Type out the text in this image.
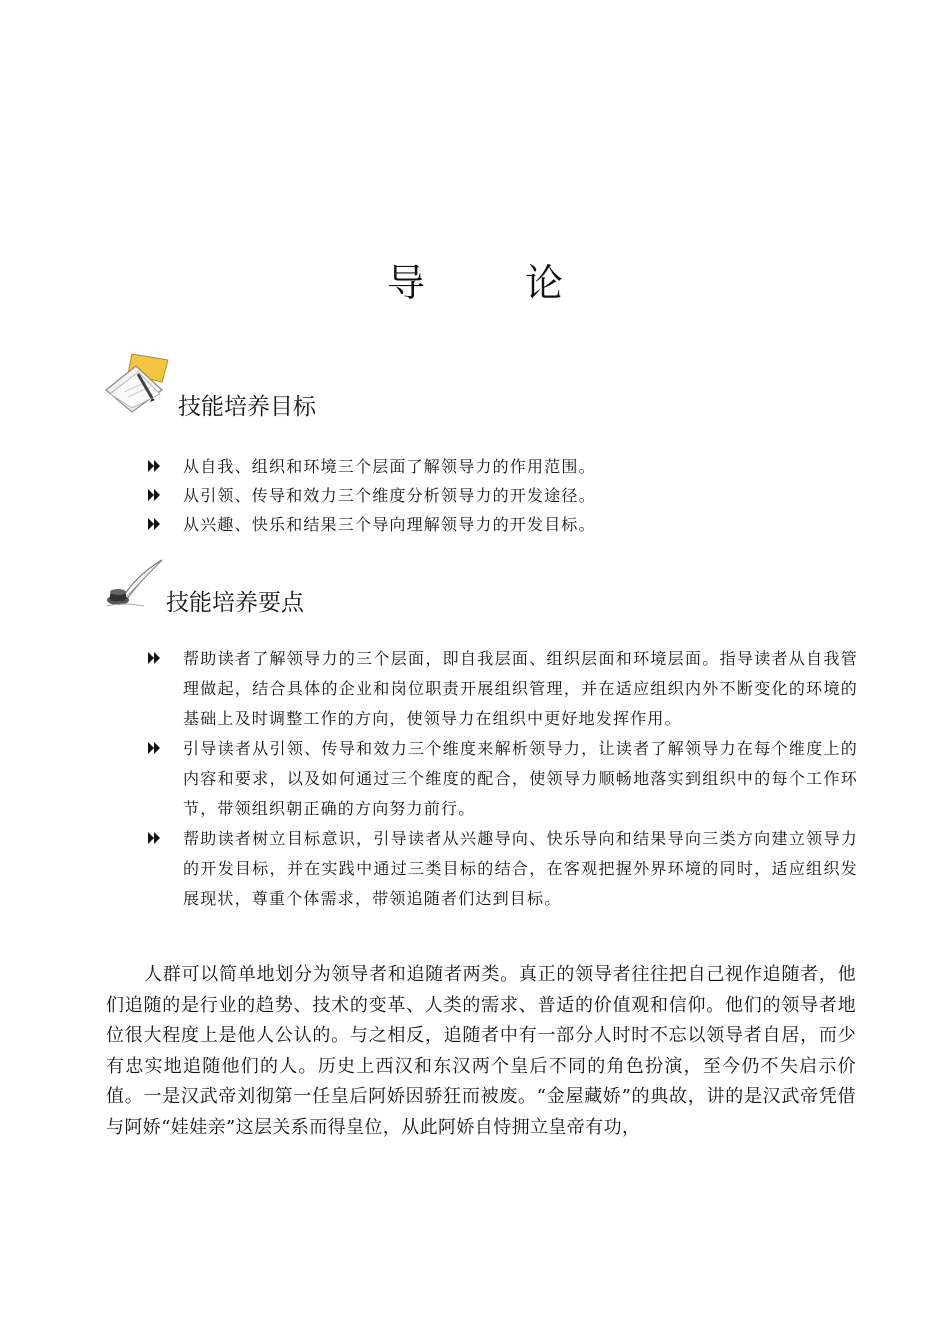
导 论
技能培养目标
从自我、组织和环境三个层面了解领导力的作用范围。
从引领、传导和效力三个维度分析领导力的开发途径。
从兴趣、快乐和结果三个导向理解领导力的开发目标。
技能培养要点
帮助读者了解领导力的三个层面，即自我层面、组织层面和环境层面。指导读者从自我管理做起，结合具体的企业和岗位职责开展组织管理，并在适应组织内外不断变化的环境的基础上及时调整工作的方向，使领导力在组织中更好地发挥作用。
引导读者从引领、传导和效力三个维度来解析领导力，让读者了解领导力在每个维度上的内容和要求，以及如何通过三个维度的配合，使领导力顺畅地落实到组织中的每个工作环节，带领组织朝正确的方向努力前行。
帮助读者树立目标意识，引导读者从兴趣导向、快乐导向和结果导向三类方向建立领导力的开发目标，并在实践中通过三类目标的结合，在客观把握外界环境的同时，适应组织发展现状，尊重个体需求，带领追随者们达到目标。

人群可以简单地划分为领导者和追随者两类。真正的领导者往往把自己视作追随者，他们追随的是行业的趋势、技术的变革、人类的需求、普适的价值观和信仰。他们的领导者地位很大程度上是他人公认的。与之相反，追随者中有一部分人时时不忘以领导者自居，而少有忠实地追随他们的人。历史上西汉和东汉两个皇后不同的角色扮演，至今仍不失启示价值。一是汉武帝刘彻第一任皇后阿娇因骄狂而被废。“金屋藏娇”的典故，讲的是汉武帝凭借与阿娇“娃娃亲”这层关系而得皇位，从此阿娇自恃拥立皇帝有功，
